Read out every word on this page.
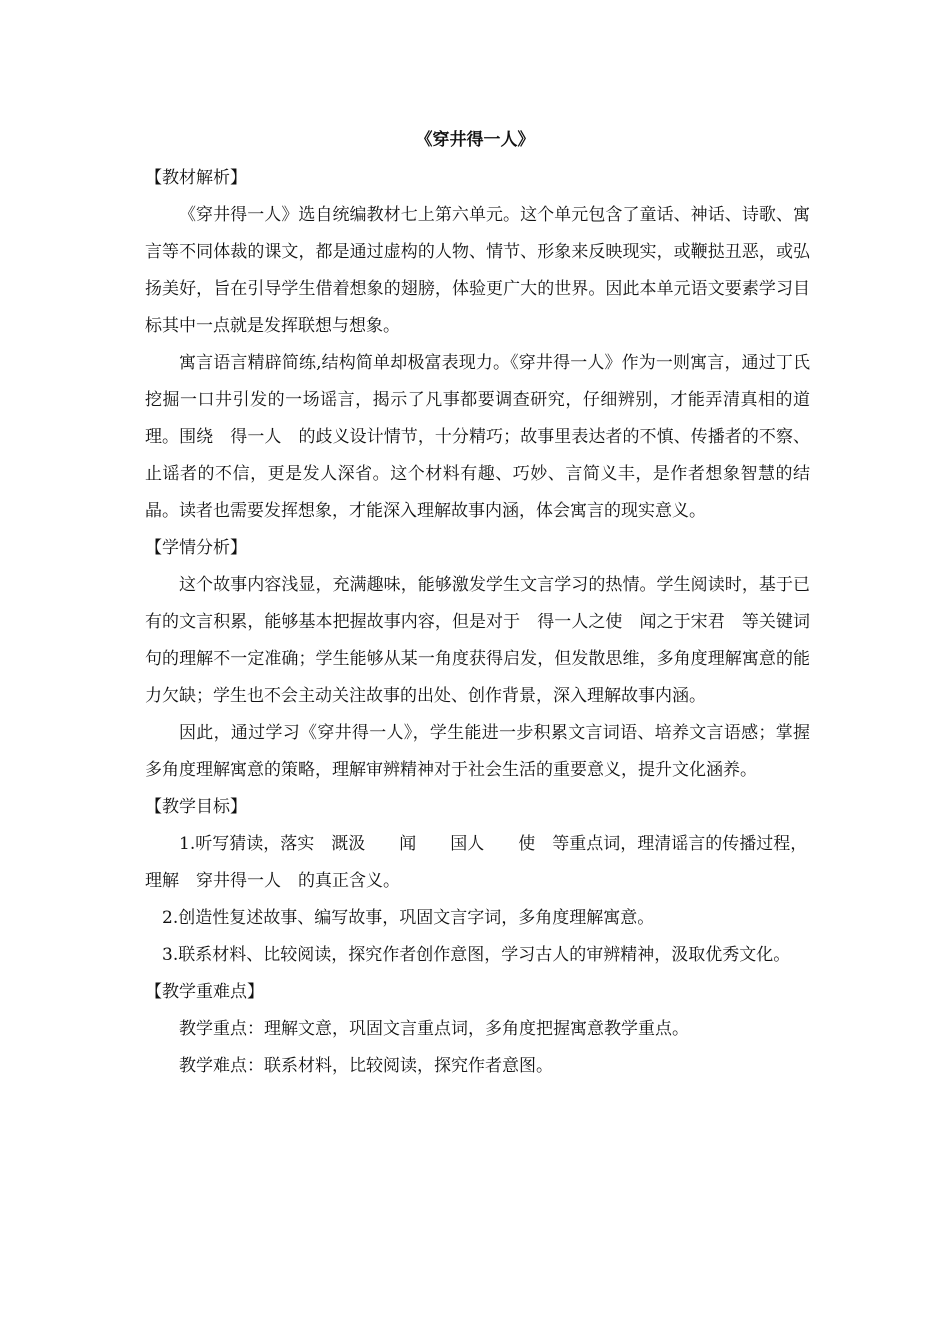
《穿井得一人》

【教材解析】

《穿井得一人》选自统编教材七上第六单元。这个单元包含了童话、神话、诗歌、寓言等不同体裁的课文，都是通过虚构的人物、情节、形象来反映现实，或鞭挞丑恶，或弘扬美好，旨在引导学生借着想象的翅膀，体验更广大的世界。因此本单元语文要素学习目标其中一点就是发挥联想与想象。

寓言语言精辟简练,结构简单却极富表现力。《穿井得一人》作为一则寓言，通过丁氏挖掘一口井引发的一场谣言，揭示了凡事都要调查研究，仔细辨别，才能弄清真相的道理。围绕　得一人　的歧义设计情节，十分精巧；故事里表达者的不慎、传播者的不察、止谣者的不信，更是发人深省。这个材料有趣、巧妙、言简义丰，是作者想象智慧的结晶。读者也需要发挥想象，才能深入理解故事内涵，体会寓言的现实意义。

【学情分析】

这个故事内容浅显，充满趣味，能够激发学生文言学习的热情。学生阅读时，基于已有的文言积累，能够基本把握故事内容，但是对于　得一人之使　闻之于宋君　等关键词句的理解不一定准确；学生能够从某一角度获得启发，但发散思维，多角度理解寓意的能力欠缺；学生也不会主动关注故事的出处、创作背景，深入理解故事内涵。

因此，通过学习《穿井得一人》，学生能进一步积累文言词语、培养文言语感；掌握多角度理解寓意的策略，理解审辨精神对于社会生活的重要意义，提升文化涵养。

【教学目标】

1.听写猜读，落实　溉汲　　闻　　国人　　使　等重点词，理清谣言的传播过程，理解　穿井得一人　的真正含义。

2.创造性复述故事、编写故事，巩固文言字词，多角度理解寓意。

3.联系材料、比较阅读，探究作者创作意图，学习古人的审辨精神，汲取优秀文化。

【教学重难点】

教学重点：理解文意，巩固文言重点词，多角度把握寓意教学重点。

教学难点：联系材料，比较阅读，探究作者意图。
